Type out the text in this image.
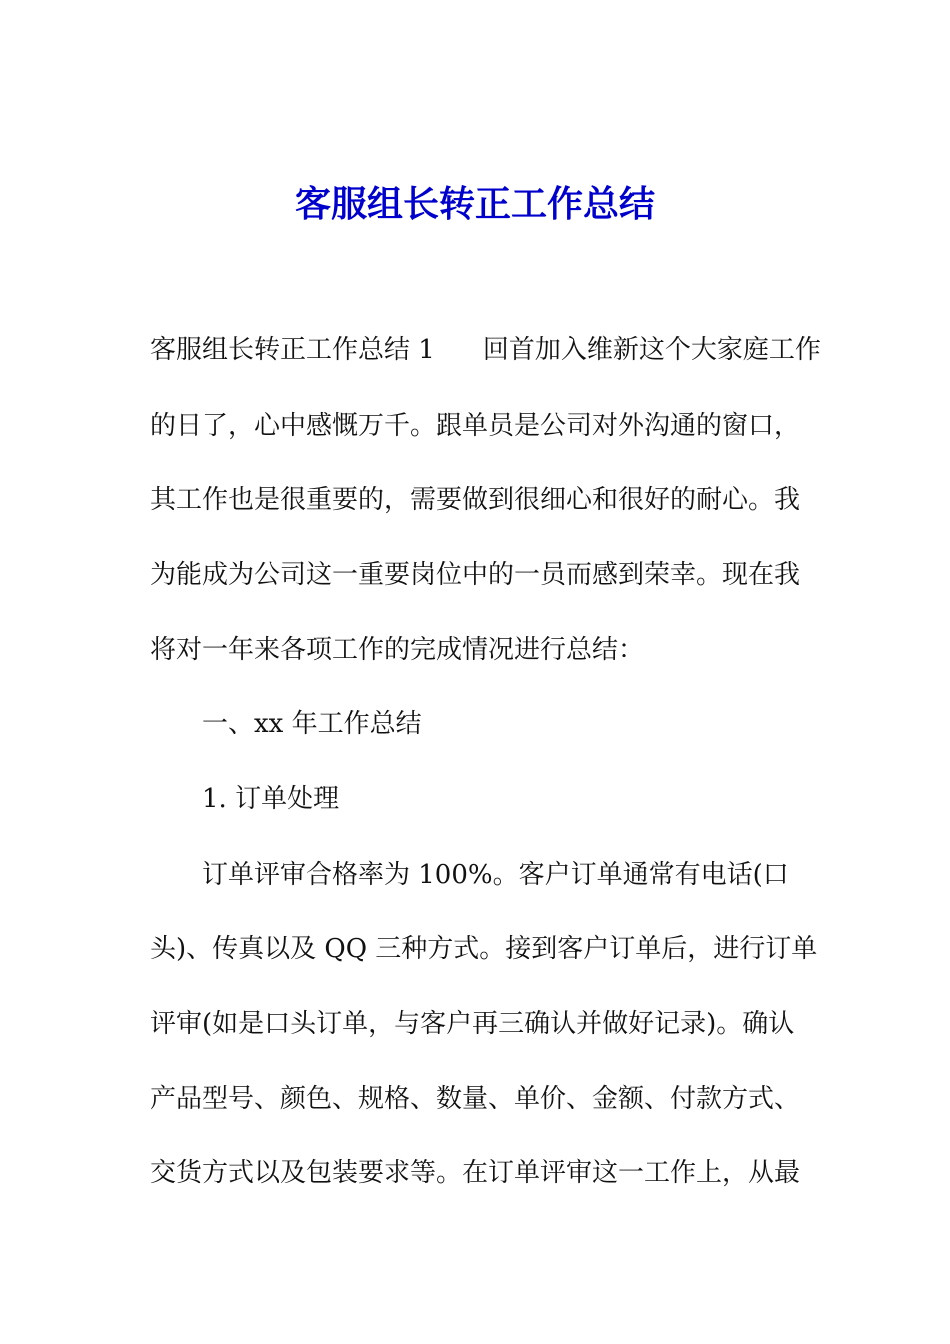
客服组长转正工作总结
客服组长转正工作总结 1 回首加入维新这个大家庭工作
的日了，心中感慨万千。跟单员是公司对外沟通的窗口，
其工作也是很重要的，需要做到很细心和很好的耐心。我
为能成为公司这一重要岗位中的一员而感到荣幸。现在我
将对一年来各项工作的完成情况进行总结：
一、xx 年工作总结
1. 订单处理
订单评审合格率为 100%。客户订单通常有电话(口
头)、传真以及 QQ 三种方式。接到客户订单后，进行订单
评审(如是口头订单，与客户再三确认并做好记录)。确认
产品型号、颜色、规格、数量、单价、金额、付款方式、
交货方式以及包装要求等。在订单评审这一工作上，从最
